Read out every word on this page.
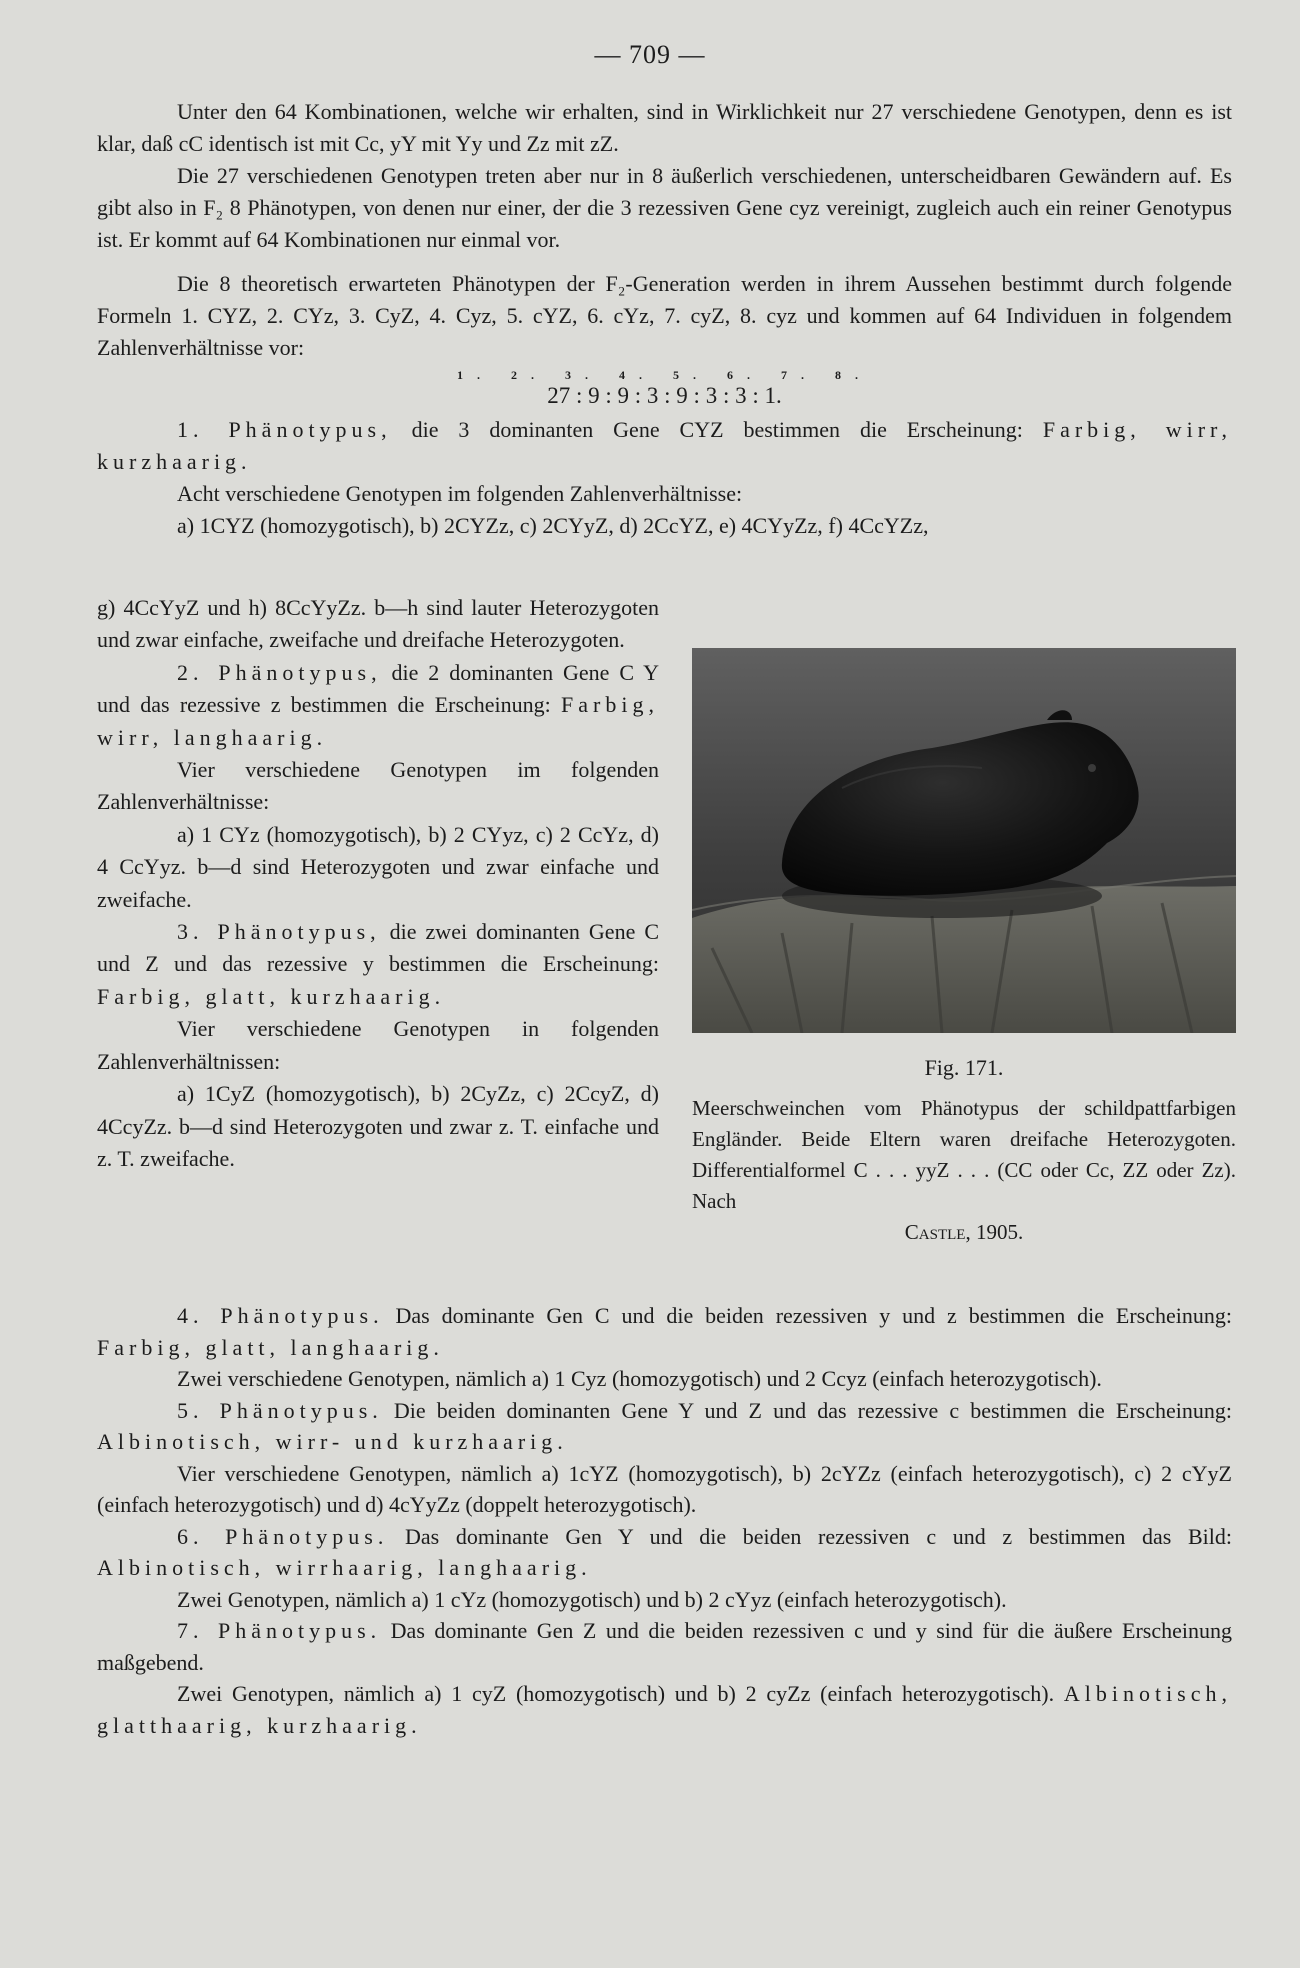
— 709 —

Unter den 64 Kombinationen, welche wir erhalten, sind in Wirklichkeit nur 27 verschiedene Genotypen, denn es ist klar, daß cC identisch ist mit Cc, yY mit Yy und Zz mit zZ.

Die 27 verschiedenen Genotypen treten aber nur in 8 äußerlich verschiedenen, unterscheidbaren Gewändern auf. Es gibt also in F₂ 8 Phänotypen, von denen nur einer, der die 3 rezessiven Gene cyz vereinigt, zugleich auch ein reiner Genotypus ist. Er kommt auf 64 Kombinationen nur einmal vor.

Die 8 theoretisch erwarteten Phänotypen der F₂-Generation werden in ihrem Aussehen bestimmt durch folgende Formeln 1. CYZ, 2. CYz, 3. CyZ, 4. Cyz, 5. cYZ, 6. cYz, 7. cyZ, 8. cyz und kommen auf 64 Individuen in folgendem Zahlenverhältnisse vor:

1. 2. 3. 4. 5. 6. 7. 8.
27 : 9 : 9 : 3 : 9 : 3 : 3 : 1.

1. Phänotypus, die 3 dominanten Gene CYZ bestimmen die Erscheinung: Farbig, wirr, kurzhaarig.

Acht verschiedene Genotypen im folgenden Zahlenverhältnisse:

a) 1CYZ (homozygotisch), b) 2CYZz, c) 2CYyZ, d) 2CcYZ, e) 4CYyZz, f) 4CcYZz,

g) 4CcYyZ und h) 8CcYyZz. b—h sind lauter Heterozygoten und zwar einfache, zweifache und dreifache Heterozygoten.

2. Phänotypus, die 2 dominanten Gene C Y und das rezessive z bestimmen die Erscheinung: Farbig, wirr, langhaarig.

Vier verschiedene Genotypen im folgenden Zahlenverhältnisse:

a) 1 CYz (homozygotisch), b) 2 CYyz, c) 2 CcYz, d) 4 CcYyz. b—d sind Heterozygoten und zwar einfache und zweifache.

3. Phänotypus, die zwei dominanten Gene C und Z und das rezessive y bestimmen die Erscheinung: Farbig, glatt, kurzhaarig.

Vier verschiedene Genotypen in folgenden Zahlenverhältnissen:

a) 1CyZ (homozygotisch), b) 2CyZz, c) 2CcyZ, d) 4CcyZz. b—d sind Heterozygoten und zwar z. T. einfache und z. T. zweifache.

Fig. 171.
Meerschweinchen vom Phänotypus der schildpattfarbigen Engländer. Beide Eltern waren dreifache Heterozygoten. Differentialformel C . . . yyZ . . . (CC oder Cc, ZZ oder Zz). Nach
Castle, 1905.

4. Phänotypus. Das dominante Gen C und die beiden rezessiven y und z bestimmen die Erscheinung: Farbig, glatt, langhaarig.

Zwei verschiedene Genotypen, nämlich a) 1 Cyz (homozygotisch) und 2 Ccyz (einfach heterozygotisch).

5. Phänotypus. Die beiden dominanten Gene Y und Z und das rezessive c bestimmen die Erscheinung: Albinotisch, wirr- und kurzhaarig.

Vier verschiedene Genotypen, nämlich a) 1cYZ (homozygotisch), b) 2cYZz (einfach heterozygotisch), c) 2 cYyZ (einfach heterozygotisch) und d) 4cYyZz (doppelt heterozygotisch).

6. Phänotypus. Das dominante Gen Y und die beiden rezessiven c und z bestimmen das Bild: Albinotisch, wirrhaarig, langhaarig.

Zwei Genotypen, nämlich a) 1 cYz (homozygotisch) und b) 2 cYyz (einfach heterozygotisch).

7. Phänotypus. Das dominante Gen Z und die beiden rezessiven c und y sind für die äußere Erscheinung maßgebend.

Zwei Genotypen, nämlich a) 1 cyZ (homozygotisch) und b) 2 cyZz (einfach heterozygotisch). Albinotisch, glatthaarig, kurzhaarig.
